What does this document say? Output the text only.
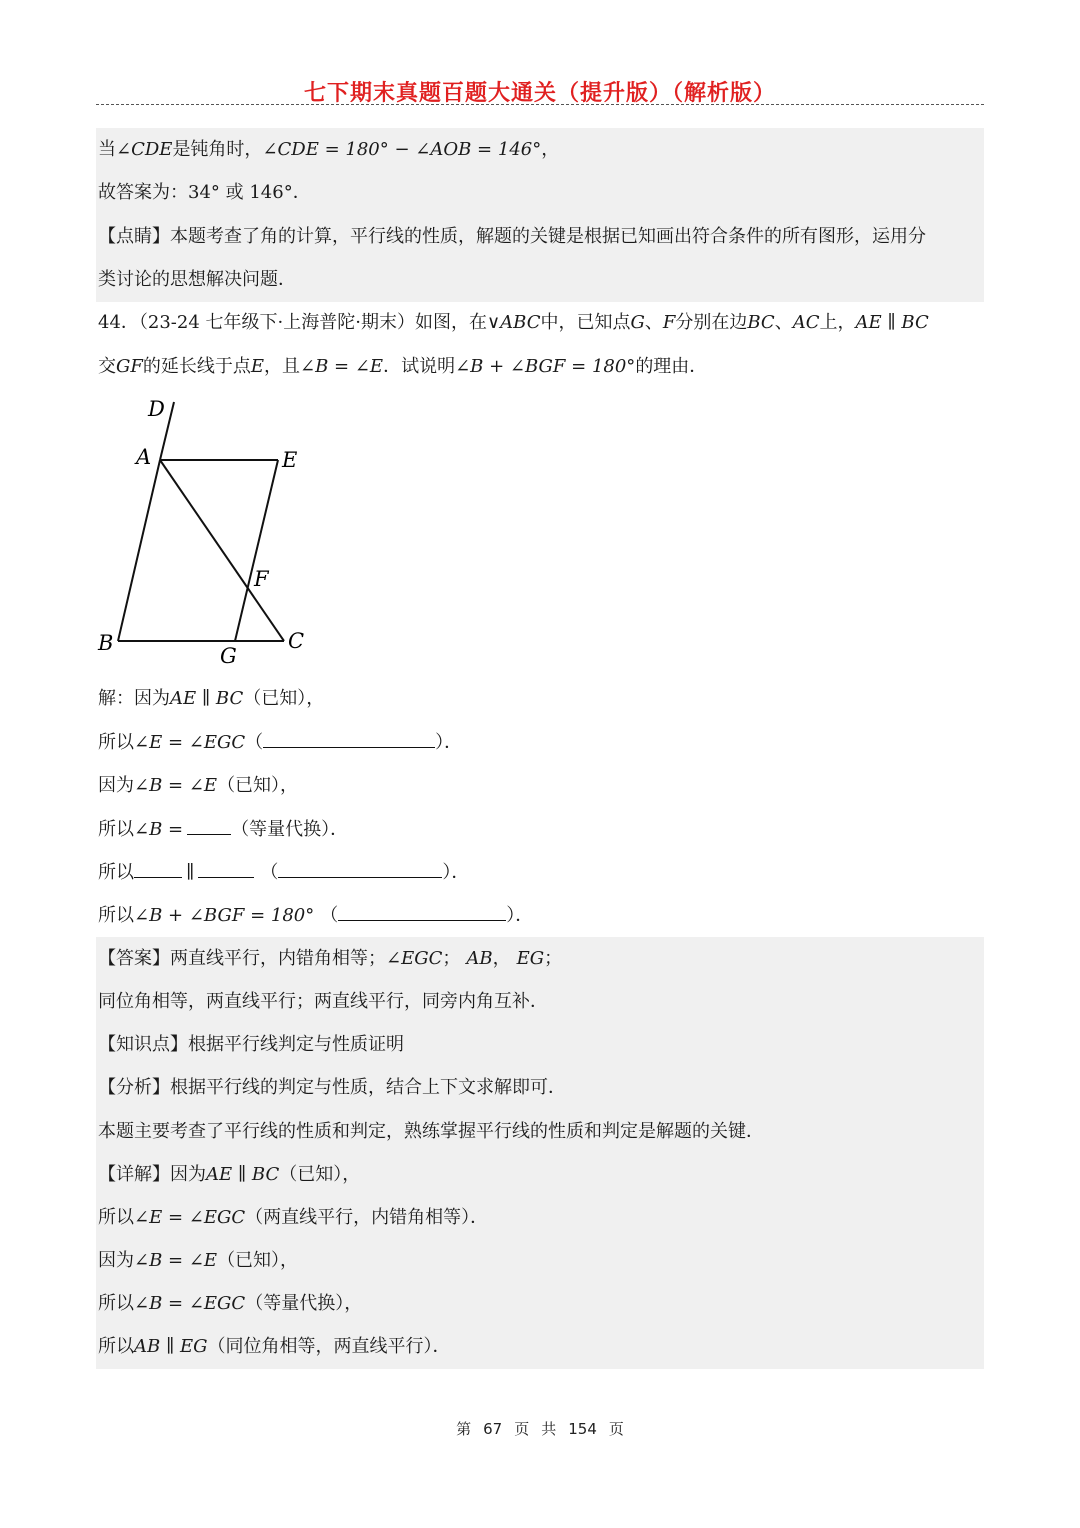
七下期末真题百题大通关（提升版）（解析版）
当∠CDE是钝角时，∠CDE = 180° − ∠AOB = 146°，
故答案为：34° 或 146°．
【点睛】本题考查了角的计算，平行线的性质，解题的关键是根据已知画出符合条件的所有图形，运用分
类讨论的思想解决问题．
44．（23-24 七年级下·上海普陀·期末）如图，在∨ABC中，已知点G、F分别在边BC、AC上，AE ∥ BC
交GF的延长线于点E，且∠B = ∠E．试说明∠B + ∠BGF = 180°的理由．
D
A	E
F
B
G
C
解：因为AE ∥ BC（已知），
所以∠E = ∠EGC（	）．
因为∠B = ∠E（已知），
所以∠B =	（等量代换）．
所以	∥	（	）．
所以∠B + ∠BGF = 180° （	）．
【答案】两直线平行，内错角相等；∠EGC； AB， EG；
同位角相等，两直线平行；两直线平行，同旁内角互补．
【知识点】根据平行线判定与性质证明
【分析】根据平行线的判定与性质，结合上下文求解即可．
本题主要考查了平行线的性质和判定，熟练掌握平行线的性质和判定是解题的关键．
【详解】因为AE ∥ BC（已知），
所以∠E = ∠EGC（两直线平行，内错角相等）．
因为∠B = ∠E（已知），
所以∠B = ∠EGC（等量代换），
所以AB ∥ EG（同位角相等，两直线平行）．
第 67 页 共 154 页
